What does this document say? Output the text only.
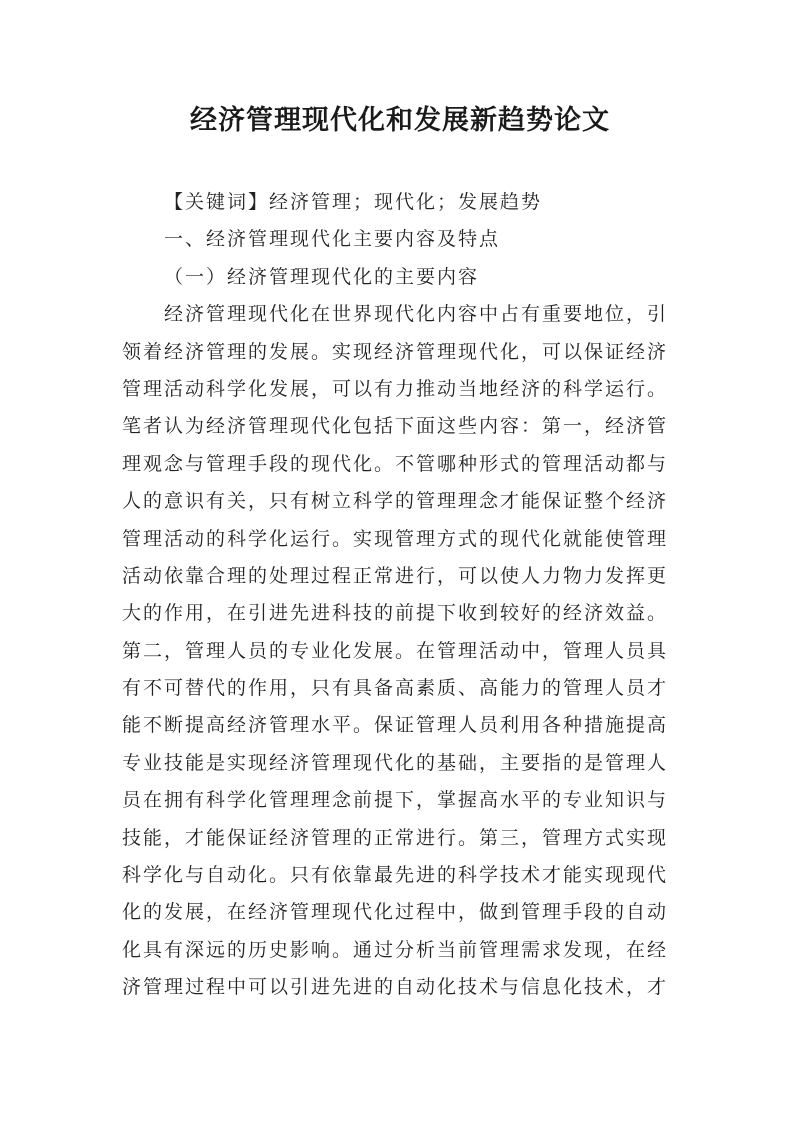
经济管理现代化和发展新趋势论文
【关键词】经济管理；现代化；发展趋势
一、经济管理现代化主要内容及特点
（一）经济管理现代化的主要内容
经济管理现代化在世界现代化内容中占有重要地位，引
领着经济管理的发展。实现经济管理现代化，可以保证经济
管理活动科学化发展，可以有力推动当地经济的科学运行。
笔者认为经济管理现代化包括下面这些内容：第一，经济管
理观念与管理手段的现代化。不管哪种形式的管理活动都与
人的意识有关，只有树立科学的管理理念才能保证整个经济
管理活动的科学化运行。实现管理方式的现代化就能使管理
活动依靠合理的处理过程正常进行，可以使人力物力发挥更
大的作用，在引进先进科技的前提下收到较好的经济效益。
第二，管理人员的专业化发展。在管理活动中，管理人员具
有不可替代的作用，只有具备高素质、高能力的管理人员才
能不断提高经济管理水平。保证管理人员利用各种措施提高
专业技能是实现经济管理现代化的基础，主要指的是管理人
员在拥有科学化管理理念前提下，掌握高水平的专业知识与
技能，才能保证经济管理的正常进行。第三，管理方式实现
科学化与自动化。只有依靠最先进的科学技术才能实现现代
化的发展，在经济管理现代化过程中，做到管理手段的自动
化具有深远的历史影响。通过分析当前管理需求发现，在经
济管理过程中可以引进先进的自动化技术与信息化技术，才
